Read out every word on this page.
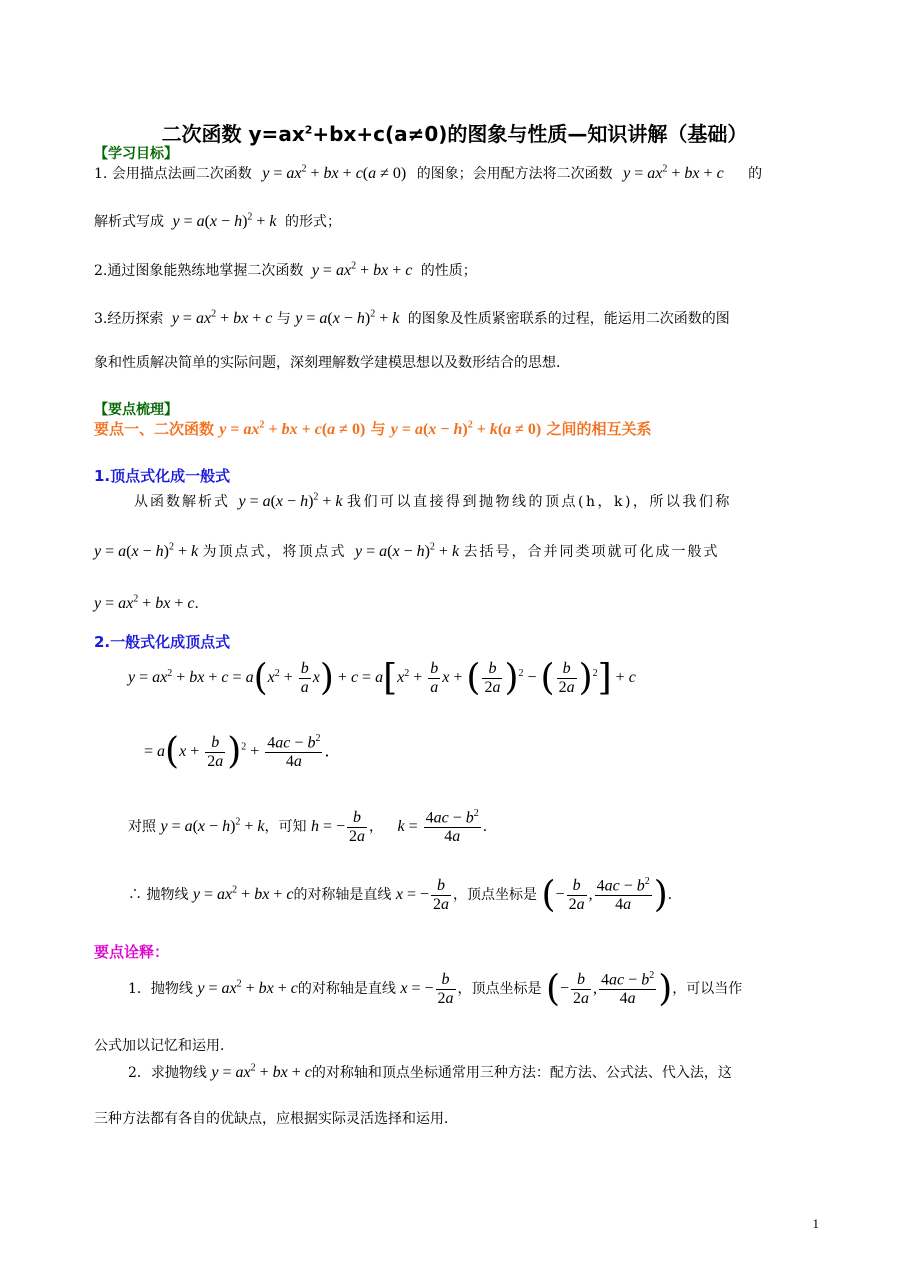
二次函数 $y=ax^2+bx+c(a\ne 0)$的图象与性质—知识讲解（基础）
【学习目标】
1. 会用描点法画二次函数 $y = ax^2$ + bx + c(a ≠ 0) 的图象；会用配方法将二次函数 $y = ax^2$ + bx + c 的
解析式写成 $y = a(x - h)^2 + k$ 的形式；
2.通过图象能熟练地掌握二次函数 $y = ax^2$ + bx + c 的性质；
3.经历探索 $y = ax^2$ + bx + c 与 $y = a(x - h)^2 + k$ 的图象及性质紧密联系的过程，能运用二次函数的图
象和性质解决简单的实际问题，深刻理解数学建模思想以及数形结合的思想．
【要点梳理】
要点一、二次函数 $y = ax^2$ + bx + c(a ≠ 0) 与 $y = a(x - h)^2 + k(a \ne 0)$ 之间的相互关系
1.顶点式化成一般式
从函数解析式 $y = a(x - h)^2 + k$ 我们可以直接得到抛物线的顶点(h，k)，所以我们称
$y = a(x - h)^2 + k$ 为顶点式，将顶点式 $y = a(x - h)^2 + k$ 去括号，合并同类项就可化成一般式
$y = ax^2$ + bx + c．
2.一般式化成顶点式
$y = ax^2$ + bx + $c = a(x^2 + \frac{b}{a} x) + c = a[x^2 + \frac{b}{a}$ x + ( $\frac{b}{2a} )^2$ − ( $\frac{b}{2a} )^2] + c$
= $a(x + \frac{b}{2a} )^2 + \frac{4ac - b^2}{4a}$ ．
对照 $y = a(x - h)^2 + k$，可知 h = − $\frac{b}{2a}$ ， $k = \frac{4ac - b^2}{4a}$ ．
∴ 抛物线 $y = ax^2$ + bx + c的对称轴是直线 x = − $\frac{b}{2a}$ ，顶点坐标是 (− $\frac{b}{2a}$ , $\frac{4ac - b^2}{4a}$ )．
要点诠释：
1．抛物线 $y = ax^2$ + bx + c的对称轴是直线 x = − $\frac{b}{2a}$ ，顶点坐标是 (− $\frac{b}{2a}$ , $\frac{4ac - b^2}{4a}$ )，可以当作
公式加以记忆和运用．
2．求抛物线 $y = ax^2$ + bx + c的对称轴和顶点坐标通常用三种方法：配方法、公式法、代入法，这
三种方法都有各自的优缺点，应根据实际灵活选择和运用．
1
